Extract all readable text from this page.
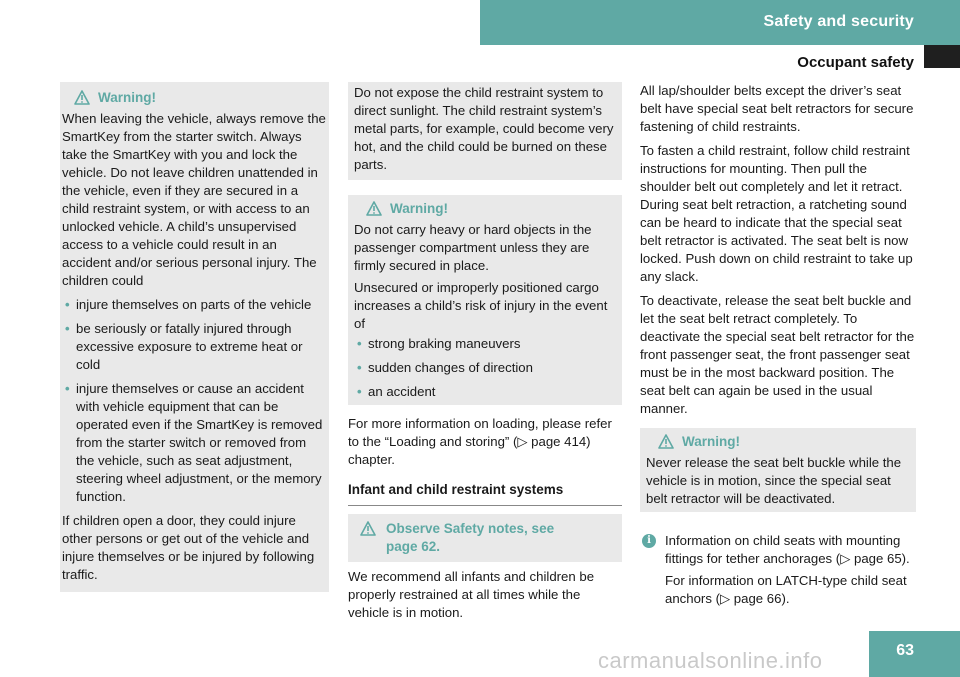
Safety and security
Occupant safety
Warning!
When leaving the vehicle, always remove the SmartKey from the starter switch. Always take the SmartKey with you and lock the vehicle. Do not leave children unattended in the vehicle, even if they are secured in a child restraint system, or with access to an unlocked vehicle. A child’s unsupervised access to a vehicle could result in an accident and/or serious personal injury. The children could
• injure themselves on parts of the vehicle
• be seriously or fatally injured through excessive exposure to extreme heat or cold
• injure themselves or cause an accident with vehicle equipment that can be operated even if the SmartKey is removed from the starter switch or removed from the vehicle, such as seat adjustment, steering wheel adjustment, or the memory function.
If children open a door, they could injure other persons or get out of the vehicle and injure themselves or be injured by following traffic.
Do not expose the child restraint system to direct sunlight. The child restraint system’s metal parts, for example, could become very hot, and the child could be burned on these parts.
Warning!
Do not carry heavy or hard objects in the passenger compartment unless they are firmly secured in place.
Unsecured or improperly positioned cargo increases a child’s risk of injury in the event of
• strong braking maneuvers
• sudden changes of direction
• an accident
For more information on loading, please refer to the “Loading and storing” (▷ page 414) chapter.
Infant and child restraint systems
Observe Safety notes, see page 62.
We recommend all infants and children be properly restrained at all times while the vehicle is in motion.
All lap/shoulder belts except the driver’s seat belt have special seat belt retractors for secure fastening of child restraints.
To fasten a child restraint, follow child restraint instructions for mounting. Then pull the shoulder belt out completely and let it retract. During seat belt retraction, a ratcheting sound can be heard to indicate that the special seat belt retractor is activated. The seat belt is now locked. Push down on child restraint to take up any slack.
To deactivate, release the seat belt buckle and let the seat belt retract completely. To deactivate the special seat belt retractor for the front passenger seat, the front passenger seat must be in the most backward position. The seat belt can again be used in the usual manner.
Warning!
Never release the seat belt buckle while the vehicle is in motion, since the special seat belt retractor will be deactivated.
i	Information on child seats with mounting fittings for tether anchorages (▷ page 65).
For information on LATCH-type child seat anchors (▷ page 66).
63
carmanualsonline.info
